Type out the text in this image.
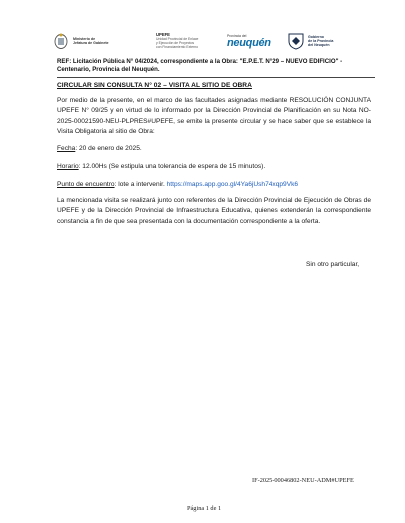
Ministerio de
Jefatura de Gabinete
UPEFE
Unidad Provincial de Enlace
y Ejecución de Proyectos
con Financiamiento Externo
Provincia del
neuquén	Gobierno
de la Provincia
del Neuquén
REF: Licitación Pública N° 04/2024, correspondiente a la Obra: "E.P.E.T. N°29 – NUEVO EDIFICIO" - Centenario, Provincia del Neuquén.
CIRCULAR SIN CONSULTA N° 02 – VISITA AL SITIO DE OBRA
Por medio de la presente, en el marco de las facultades asignadas mediante RESOLUCIÓN CONJUNTA UPEFE N° 09/25 y en virtud de lo informado por la Dirección Provincial de Planificación en su Nota NO-2025-00021590-NEU-PLPRES#UPEFE, se emite la presente circular y se hace saber que se establece la Visita Obligatoria al sitio de Obra:
Fecha: 20 de enero de 2025.
Horario: 12.00Hs (Se estipula una tolerancia de espera de 15 minutos).
Punto de encuentro: lote a intervenir. https://maps.app.goo.gl/4Ya6jUsh74xqp9Vk6
La mencionada visita se realizará junto con referentes de la Dirección Provincial de Ejecución de Obras de UPEFE y de la Dirección Provincial de Infraestructura Educativa, quienes extenderán la correspondiente constancia a fin de que sea presentada con la documentación correspondiente a la oferta.
Sin otro particular,
IF-2025-00046802-NEU-ADM#UPEFE
Página 1 de 1
